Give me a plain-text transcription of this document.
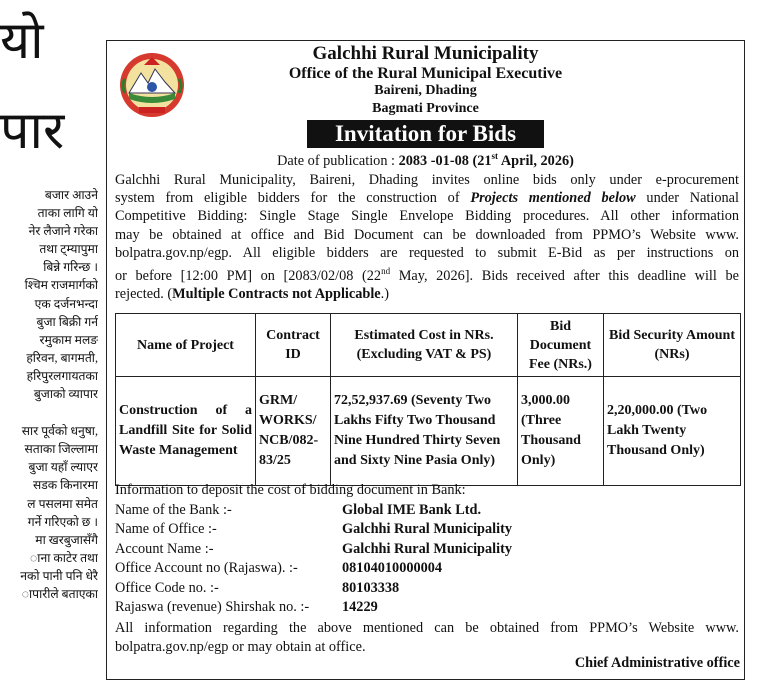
यो
पार
बजार आउने
ताका लागि यो
नेर लैजाने गरेका
तथा ट्म्यापुमा
बिन्ने गरिन्छ ।
श्चिम राजमार्गको
एक दर्जनभन्दा
बुजा बिक्री गर्न
रमुकाम मलङ
हरिवन, बागमती,
हरिपुरलगायतका
बुजाको व्यापार
सार पूर्वको धनुषा,
सताका जिल्लामा
बुजा यहाँ ल्याएर
सडक किनारमा
ल पसलमा समेत
गर्ने गरिएको छ ।
मा खरबुजासँगै
ाना काटेर तथा
नको पानी पनि धेरै
ापारीले बताएका
Galchhi Rural Municipality
Office of the Rural Municipal Executive
Baireni, Dhading
Bagmati Province
Invitation for Bids
Date of publication : 2083 -01-08 (21st April, 2026)
Galchhi Rural Municipality, Baireni, Dhading invites online bids only under e-procurement
system from eligible bidders for the construction of Projects mentioned below under National
Competitive Bidding: Single Stage Single Envelope Bidding procedures. All other information
may be obtained at office and Bid Document can be downloaded from PPMO’s Website www.
bolpatra.gov.np/egp. All eligible bidders are requested to submit E-Bid as per instructions on
or before [12:00 PM] on [2083/02/08 (22nd May, 2026]. Bids received after this deadline will be
rejected. (Multiple Contracts not Applicable.)
Name of Project	Contract ID	Estimated Cost in NRs. (Excluding VAT & PS)	Bid Document Fee (NRs.)	Bid Security Amount (NRs)
Construction of a Landfill Site for Solid Waste Management	GRM/ WORKS/ NCB/082-83/25	72,52,937.69 (Seventy Two Lakhs Fifty Two Thousand Nine Hundred Thirty Seven and Sixty Nine Pasia Only)	3,000.00 (Three Thousand Only)	2,20,000.00 (Two Lakh Twenty Thousand Only)
Information to deposit the cost of bidding document in Bank:
Name of the Bank :-	Global IME Bank Ltd.
Name of Office :-	Galchhi Rural Municipality
Account Name :-	Galchhi Rural Municipality
Office Account no (Rajaswa). :-	08104010000004
Office Code no. :-	80103338
Rajaswa (revenue) Shirshak no. :-	14229
All information regarding the above mentioned can be obtained from PPMO’s Website www.
bolpatra.gov.np/egp or may obtain at office.
Chief Administrative office
